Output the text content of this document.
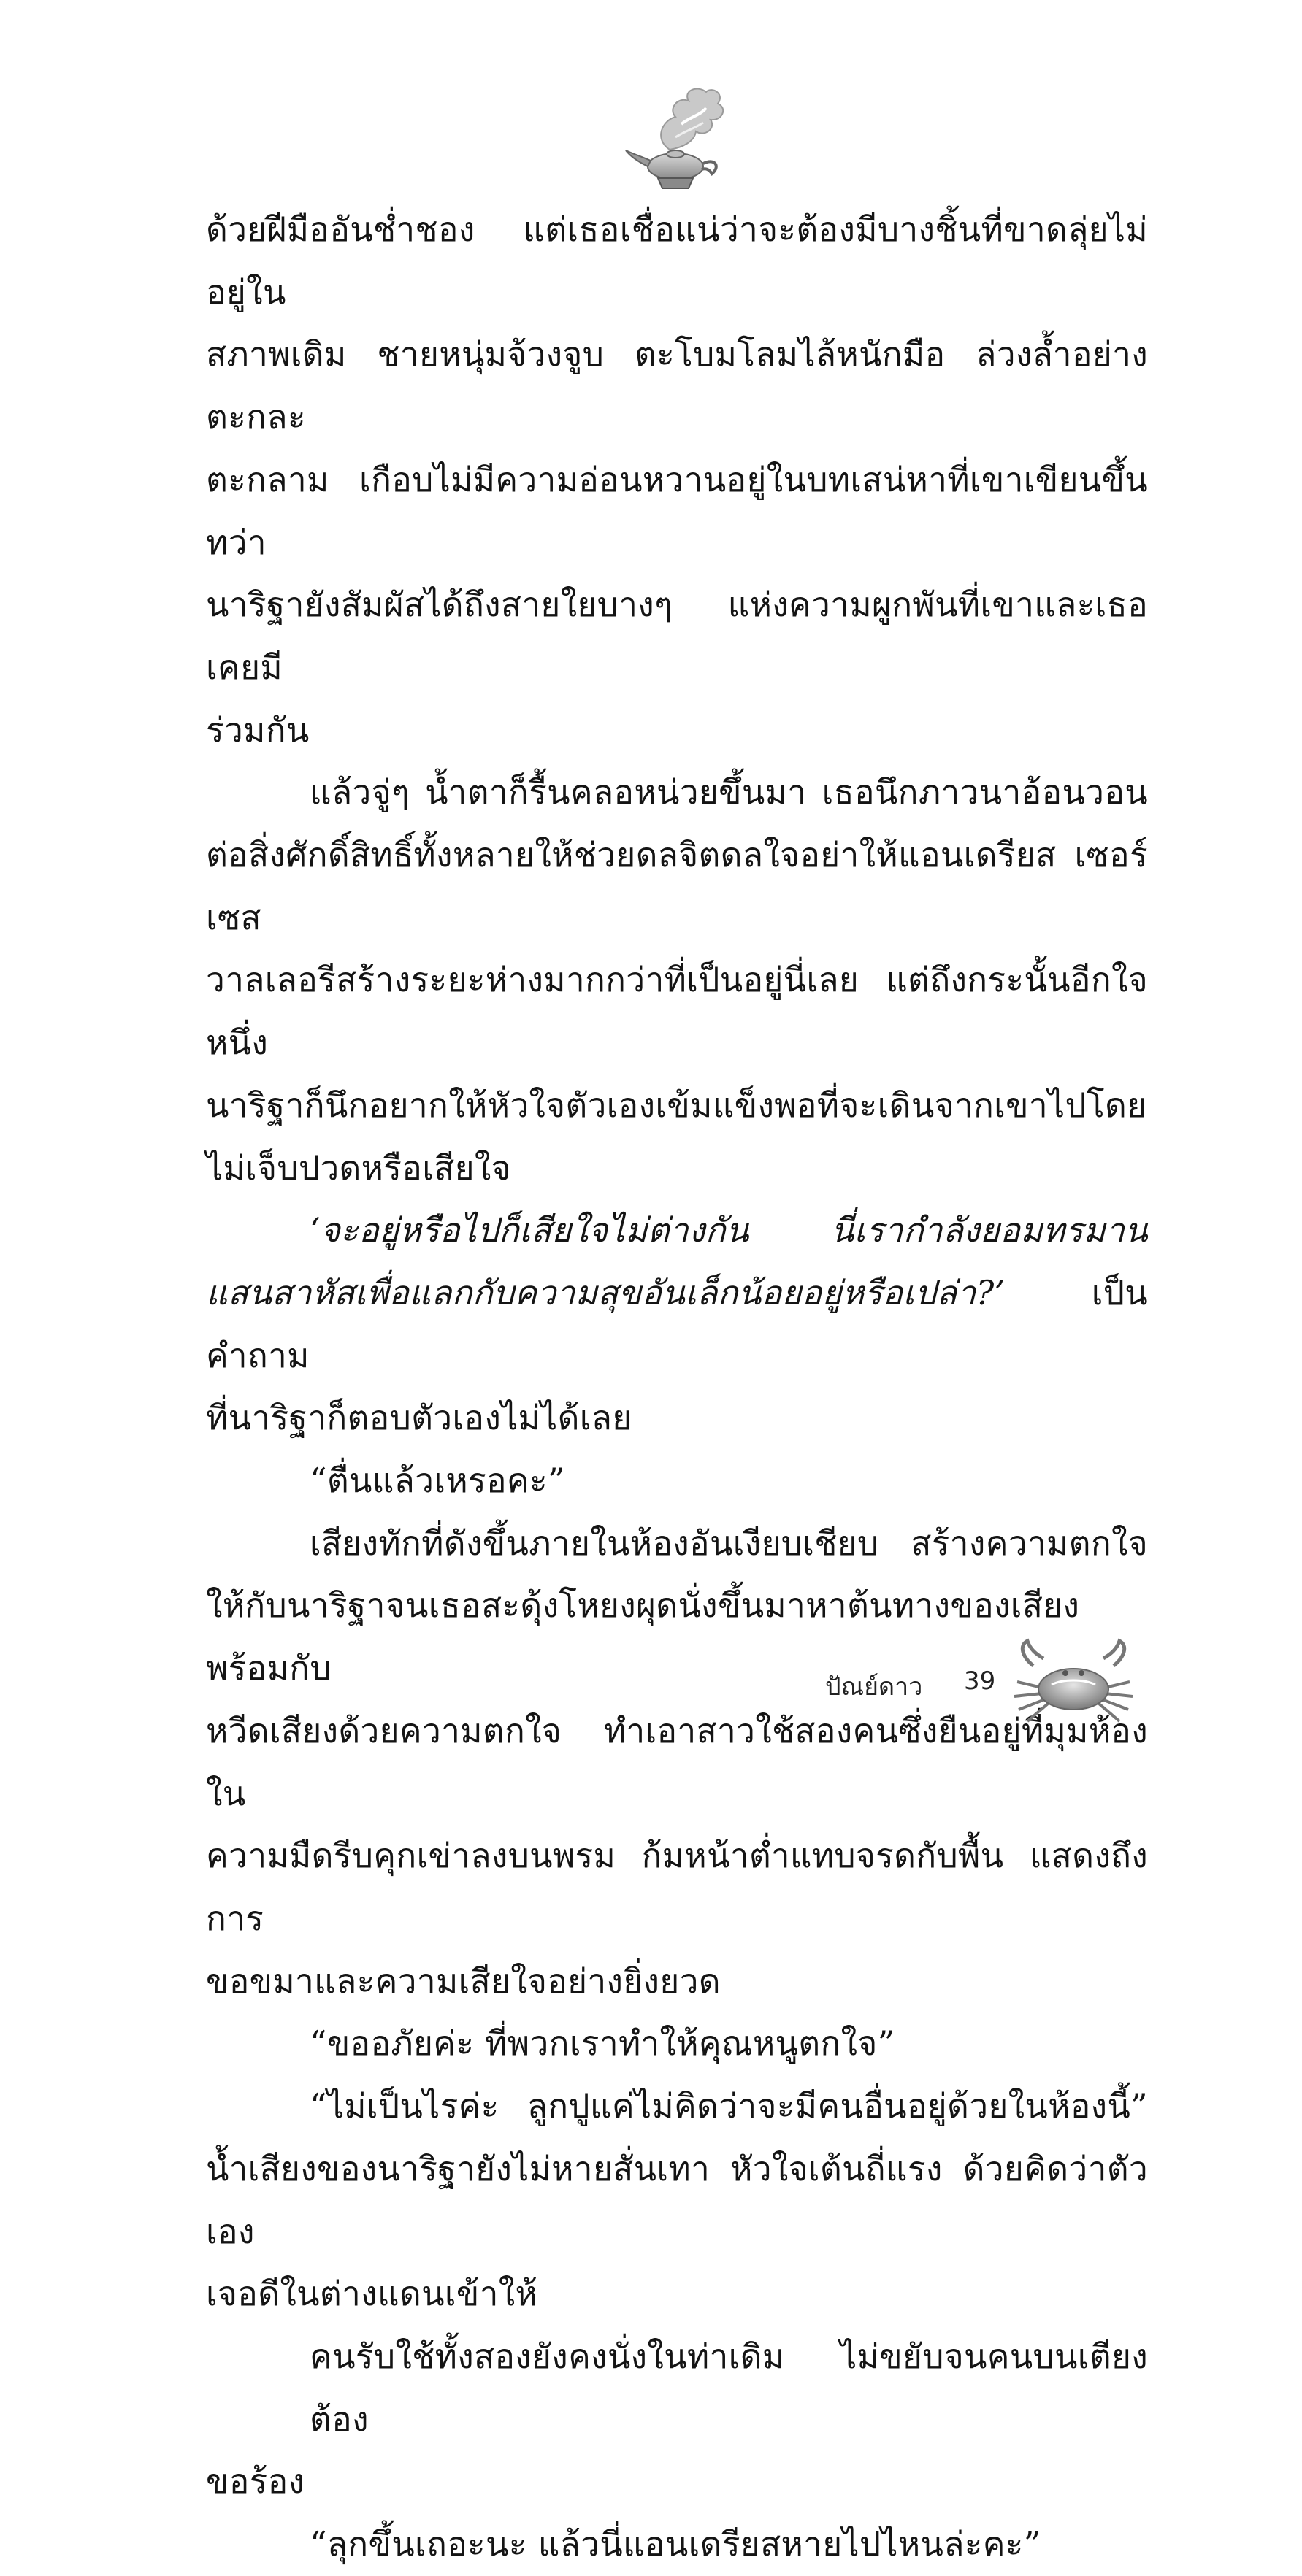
ด้วยฝีมืออันช่ำชอง แต่เธอเชื่อแน่ว่าจะต้องมีบางชิ้นที่ขาดลุ่ยไม่อยู่ใน
สภาพเดิม ชายหนุ่มจ้วงจูบ ตะโบมโลมไล้หนักมือ ล่วงล้ำอย่างตะกละ
ตะกลาม เกือบไม่มีความอ่อนหวานอยู่ในบทเสน่หาที่เขาเขียนขึ้น ทว่า
นาริฐายังสัมผัสได้ถึงสายใยบางๆ แห่งความผูกพันที่เขาและเธอเคยมี
ร่วมกัน

แล้วจู่ๆ น้ำตาก็รื้นคลอหน่วยขึ้นมา เธอนึกภาวนาอ้อนวอน
ต่อสิ่งศักดิ์สิทธิ์ทั้งหลายให้ช่วยดลจิตดลใจอย่าให้แอนเดรียส เซอร์เซส
วาลเลอรีสร้างระยะห่างมากกว่าที่เป็นอยู่นี่เลย แต่ถึงกระนั้นอีกใจหนึ่ง
นาริฐาก็นึกอยากให้หัวใจตัวเองเข้มแข็งพอที่จะเดินจากเขาไปโดย
ไม่เจ็บปวดหรือเสียใจ

‘จะอยู่หรือไปก็เสียใจไม่ต่างกัน นี่เรากำลังยอมทรมาน
แสนสาหัสเพื่อแลกกับความสุขอันเล็กน้อยอยู่หรือเปล่า?’ เป็นคำถาม
ที่นาริฐาก็ตอบตัวเองไม่ได้เลย

“ตื่นแล้วเหรอคะ”

เสียงทักที่ดังขึ้นภายในห้องอันเงียบเชียบ สร้างความตกใจ
ให้กับนาริฐาจนเธอสะดุ้งโหยงผุดนั่งขึ้นมาหาต้นทางของเสียง พร้อมกับ
หวีดเสียงด้วยความตกใจ ทำเอาสาวใช้สองคนซึ่งยืนอยู่ที่มุมห้องใน
ความมืดรีบคุกเข่าลงบนพรม ก้มหน้าต่ำแทบจรดกับพื้น แสดงถึงการ
ขอขมาและความเสียใจอย่างยิ่งยวด

“ขออภัยค่ะ ที่พวกเราทำให้คุณหนูตกใจ”

“ไม่เป็นไรค่ะ ลูกปูแค่ไม่คิดว่าจะมีคนอื่นอยู่ด้วยในห้องนี้”
น้ำเสียงของนาริฐายังไม่หายสั่นเทา หัวใจเต้นถี่แรง ด้วยคิดว่าตัวเอง
เจอดีในต่างแดนเข้าให้

คนรับใช้ทั้งสองยังคงนั่งในท่าเดิม ไม่ขยับจนคนบนเตียงต้อง
ขอร้อง

“ลุกขึ้นเถอะนะ แล้วนี่แอนเดรียสหายไปไหนล่ะคะ”

ปัณย์ดาว 39
